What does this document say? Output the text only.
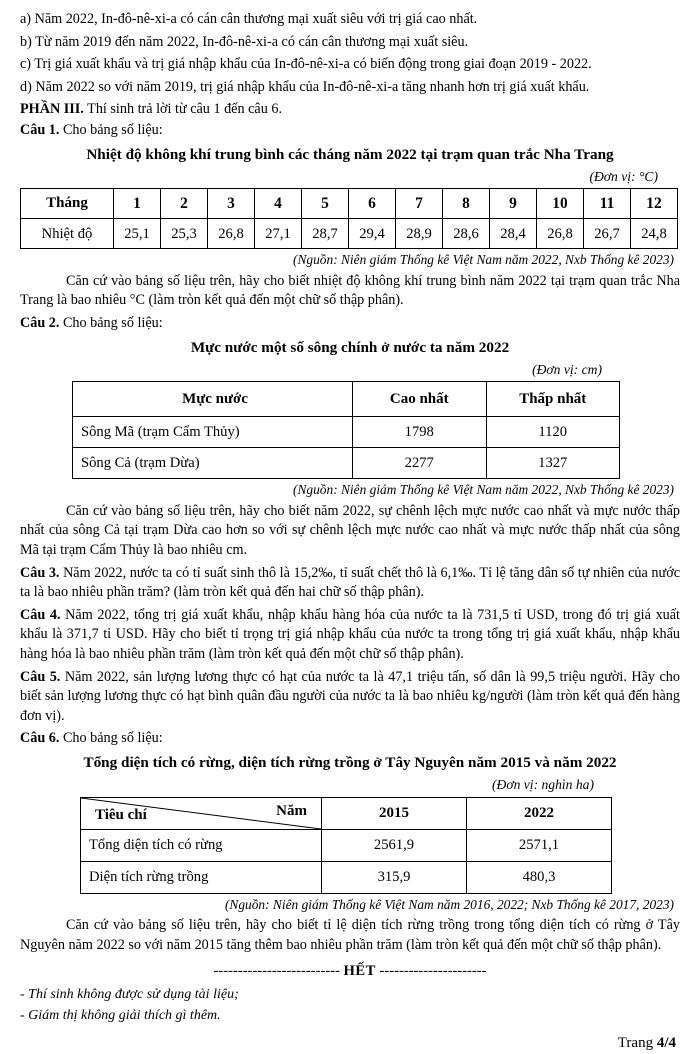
a) Năm 2022, In-đô-nê-xi-a có cán cân thương mại xuất siêu với trị giá cao nhất.

b) Từ năm 2019 đến năm 2022, In-đô-nê-xi-a có cán cân thương mại xuất siêu.

c) Trị giá xuất khẩu và trị giá nhập khẩu của In-đô-nê-xi-a có biến động trong giai đoạn 2019 - 2022.

d) Năm 2022 so với năm 2019, trị giá nhập khẩu của In-đô-nê-xi-a tăng nhanh hơn trị giá xuất khẩu.

PHẦN III. Thí sinh trả lời từ câu 1 đến câu 6.

Câu 1. Cho bảng số liệu:

Nhiệt độ không khí trung bình các tháng năm 2022 tại trạm quan trắc Nha Trang
(Đơn vị: °C)
Tháng	1	2	3	4	5	6	7	8	9	10	11	12
Nhiệt độ	25,1	25,3	26,8	27,1	28,7	29,4	28,9	28,6	28,4	26,8	26,7	24,8
(Nguồn: Niên giám Thống kê Việt Nam năm 2022, Nxb Thống kê 2023)

Căn cứ vào bảng số liệu trên, hãy cho biết nhiệt độ không khí trung bình năm 2022 tại trạm quan trắc Nha Trang là bao nhiêu °C (làm tròn kết quả đến một chữ số thập phân).

Câu 2. Cho bảng số liệu:

Mực nước một số sông chính ở nước ta năm 2022
(Đơn vị: cm)
Mực nước	Cao nhất	Thấp nhất
Sông Mã (trạm Cẩm Thủy)	1798	1120
Sông Cả (trạm Dừa)	2277	1327
(Nguồn: Niên giám Thống kê Việt Nam năm 2022, Nxb Thống kê 2023)

Căn cứ vào bảng số liệu trên, hãy cho biết năm 2022, sự chênh lệch mực nước cao nhất và mực nước thấp nhất của sông Cả tại trạm Dừa cao hơn so với sự chênh lệch mực nước cao nhất và mực nước thấp nhất của sông Mã tại trạm Cẩm Thủy là bao nhiêu cm.

Câu 3. Năm 2022, nước ta có tỉ suất sinh thô là 15,2‰, tỉ suất chết thô là 6,1‰. Tỉ lệ tăng dân số tự nhiên của nước ta là bao nhiêu phần trăm? (làm tròn kết quả đến hai chữ số thập phân).

Câu 4. Năm 2022, tổng trị giá xuất khẩu, nhập khẩu hàng hóa của nước ta là 731,5 tỉ USD, trong đó trị giá xuất khẩu là 371,7 tỉ USD. Hãy cho biết tỉ trọng trị giá nhập khẩu của nước ta trong tổng trị giá xuất khẩu, nhập khẩu hàng hóa là bao nhiêu phần trăm (làm tròn kết quả đến một chữ số thập phân).

Câu 5. Năm 2022, sản lượng lương thực có hạt của nước ta là 47,1 triệu tấn, số dân là 99,5 triệu người. Hãy cho biết sản lượng lương thực có hạt bình quân đầu người của nước ta là bao nhiêu kg/người (làm tròn kết quả đến hàng đơn vị).

Câu 6. Cho bảng số liệu:

Tổng diện tích có rừng, diện tích rừng trồng ở Tây Nguyên năm 2015 và năm 2022
(Đơn vị: nghìn ha)
Năm
Tiêu chí	2015	2022
Tổng diện tích có rừng	2561,9	2571,1
Diện tích rừng trồng	315,9	480,3
(Nguồn: Niên giám Thống kê Việt Nam năm 2016, 2022; Nxb Thống kê 2017, 2023)

Căn cứ vào bảng số liệu trên, hãy cho biết tỉ lệ diện tích rừng trồng trong tổng diện tích có rừng ở Tây Nguyên năm 2022 so với năm 2015 tăng thêm bao nhiêu phần trăm (làm tròn kết quả đến một chữ số thập phân).

-------------------------- HẾT ----------------------

- Thí sinh không được sử dụng tài liệu;

- Giám thị không giải thích gì thêm.

Trang 4/4
